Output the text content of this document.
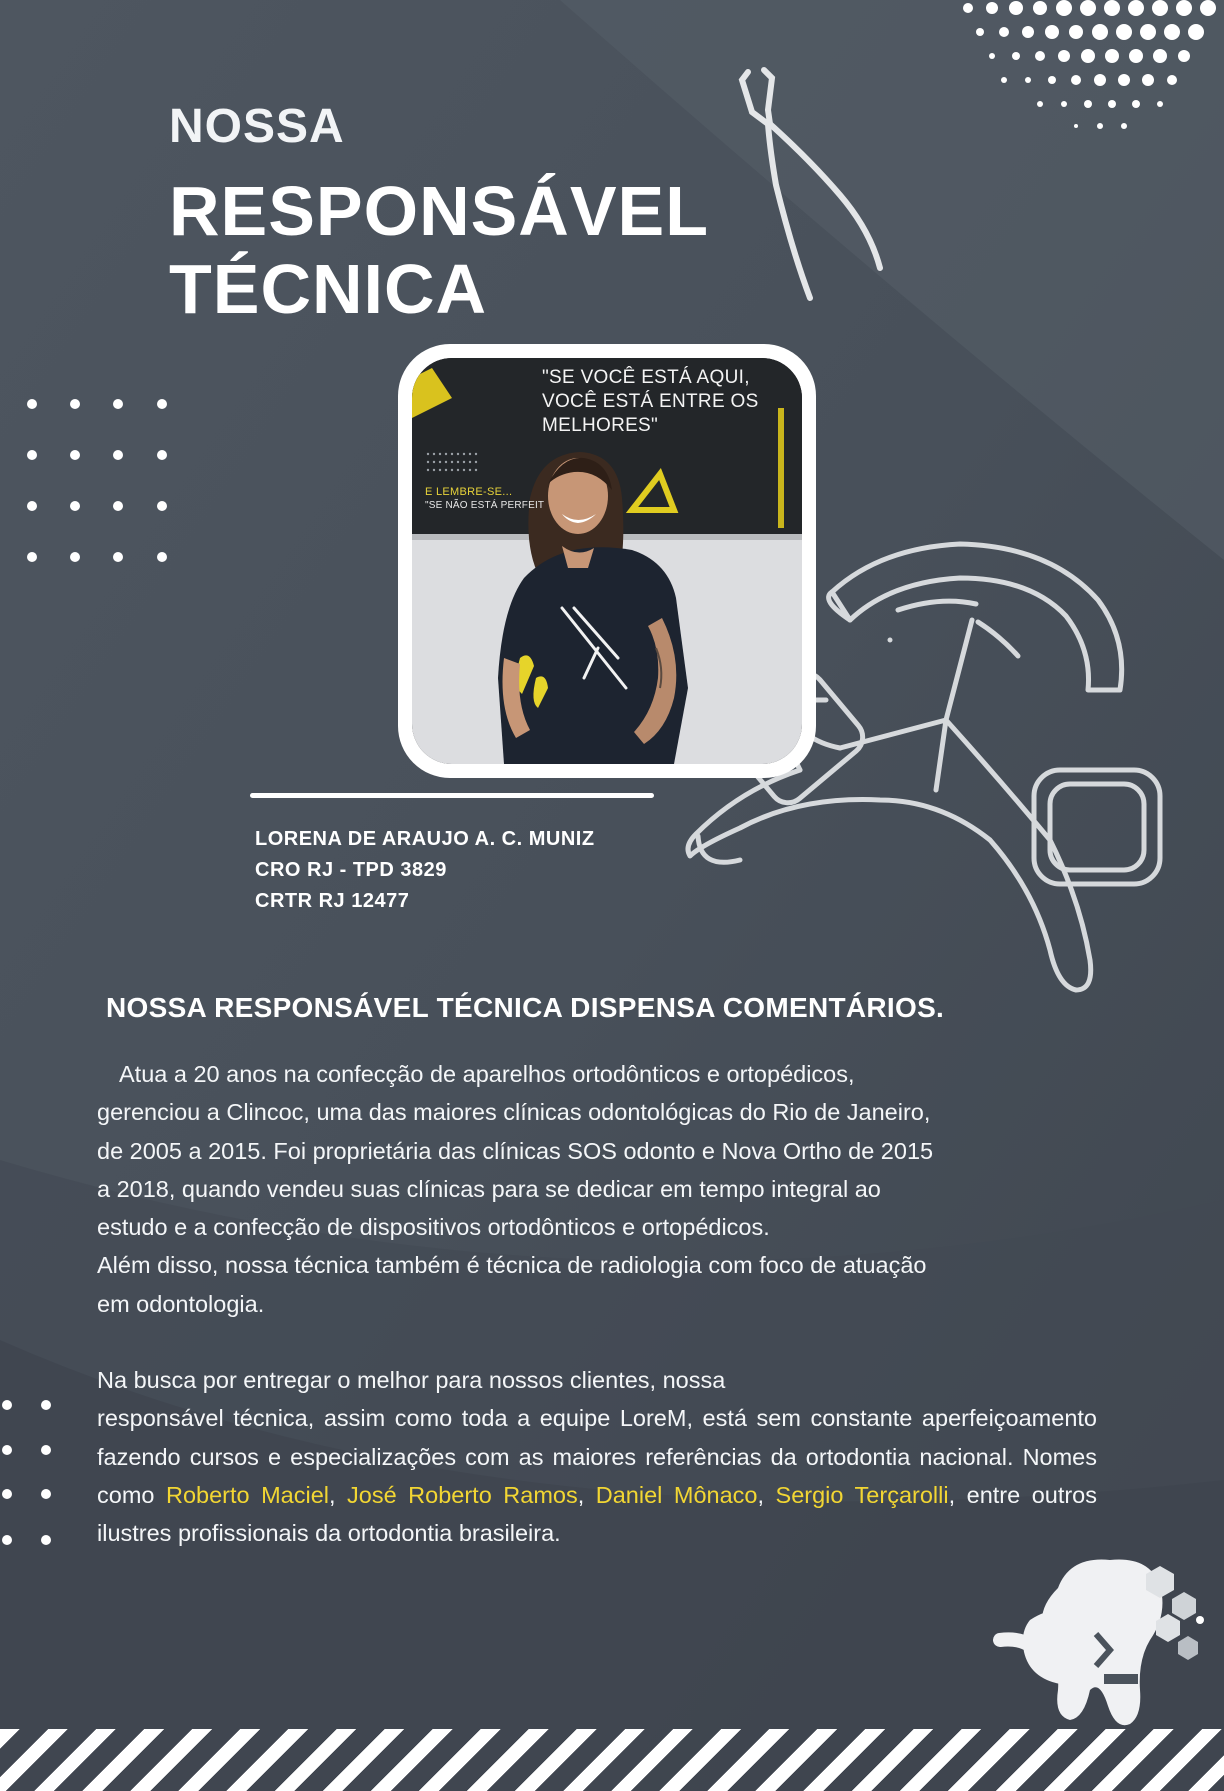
NOSSA
RESPONSÁVEL
TÉCNICA
"SE VOCÊ ESTÁ AQUI, VOCÊ ESTÁ ENTRE OS MELHORES"
E LEMBRE-SE...
"SE NÃO ESTÁ PERFEIT
LORENA DE ARAUJO A. C. MUNIZ
CRO RJ - TPD 3829
CRTR RJ 12477
NOSSA RESPONSÁVEL TÉCNICA DISPENSA COMENTÁRIOS.

Atua a 20 anos na confecção de aparelhos ortodônticos e ortopédicos,
gerenciou a Clincoc, uma das maiores clínicas odontológicas do Rio de Janeiro,
de 2005 a 2015. Foi proprietária das clínicas SOS odonto e Nova Ortho de 2015
a 2018, quando vendeu suas clínicas para se dedicar em tempo integral ao
estudo e a confecção de dispositivos ortodônticos e ortopédicos.
Além disso, nossa técnica também é técnica de radiologia com foco de atuação
em odontologia.

Na busca por entregar o melhor para nossos clientes, nossa

responsável técnica, assim como toda a equipe LoreM, está sem constante aperfeiçoamento fazendo cursos e especializações com as maiores referências da ortodontia nacional. Nomes como Roberto Maciel, José Roberto Ramos, Daniel Mônaco, Sergio Terçarolli, entre outros ilustres profissionais da ortodontia brasileira.
